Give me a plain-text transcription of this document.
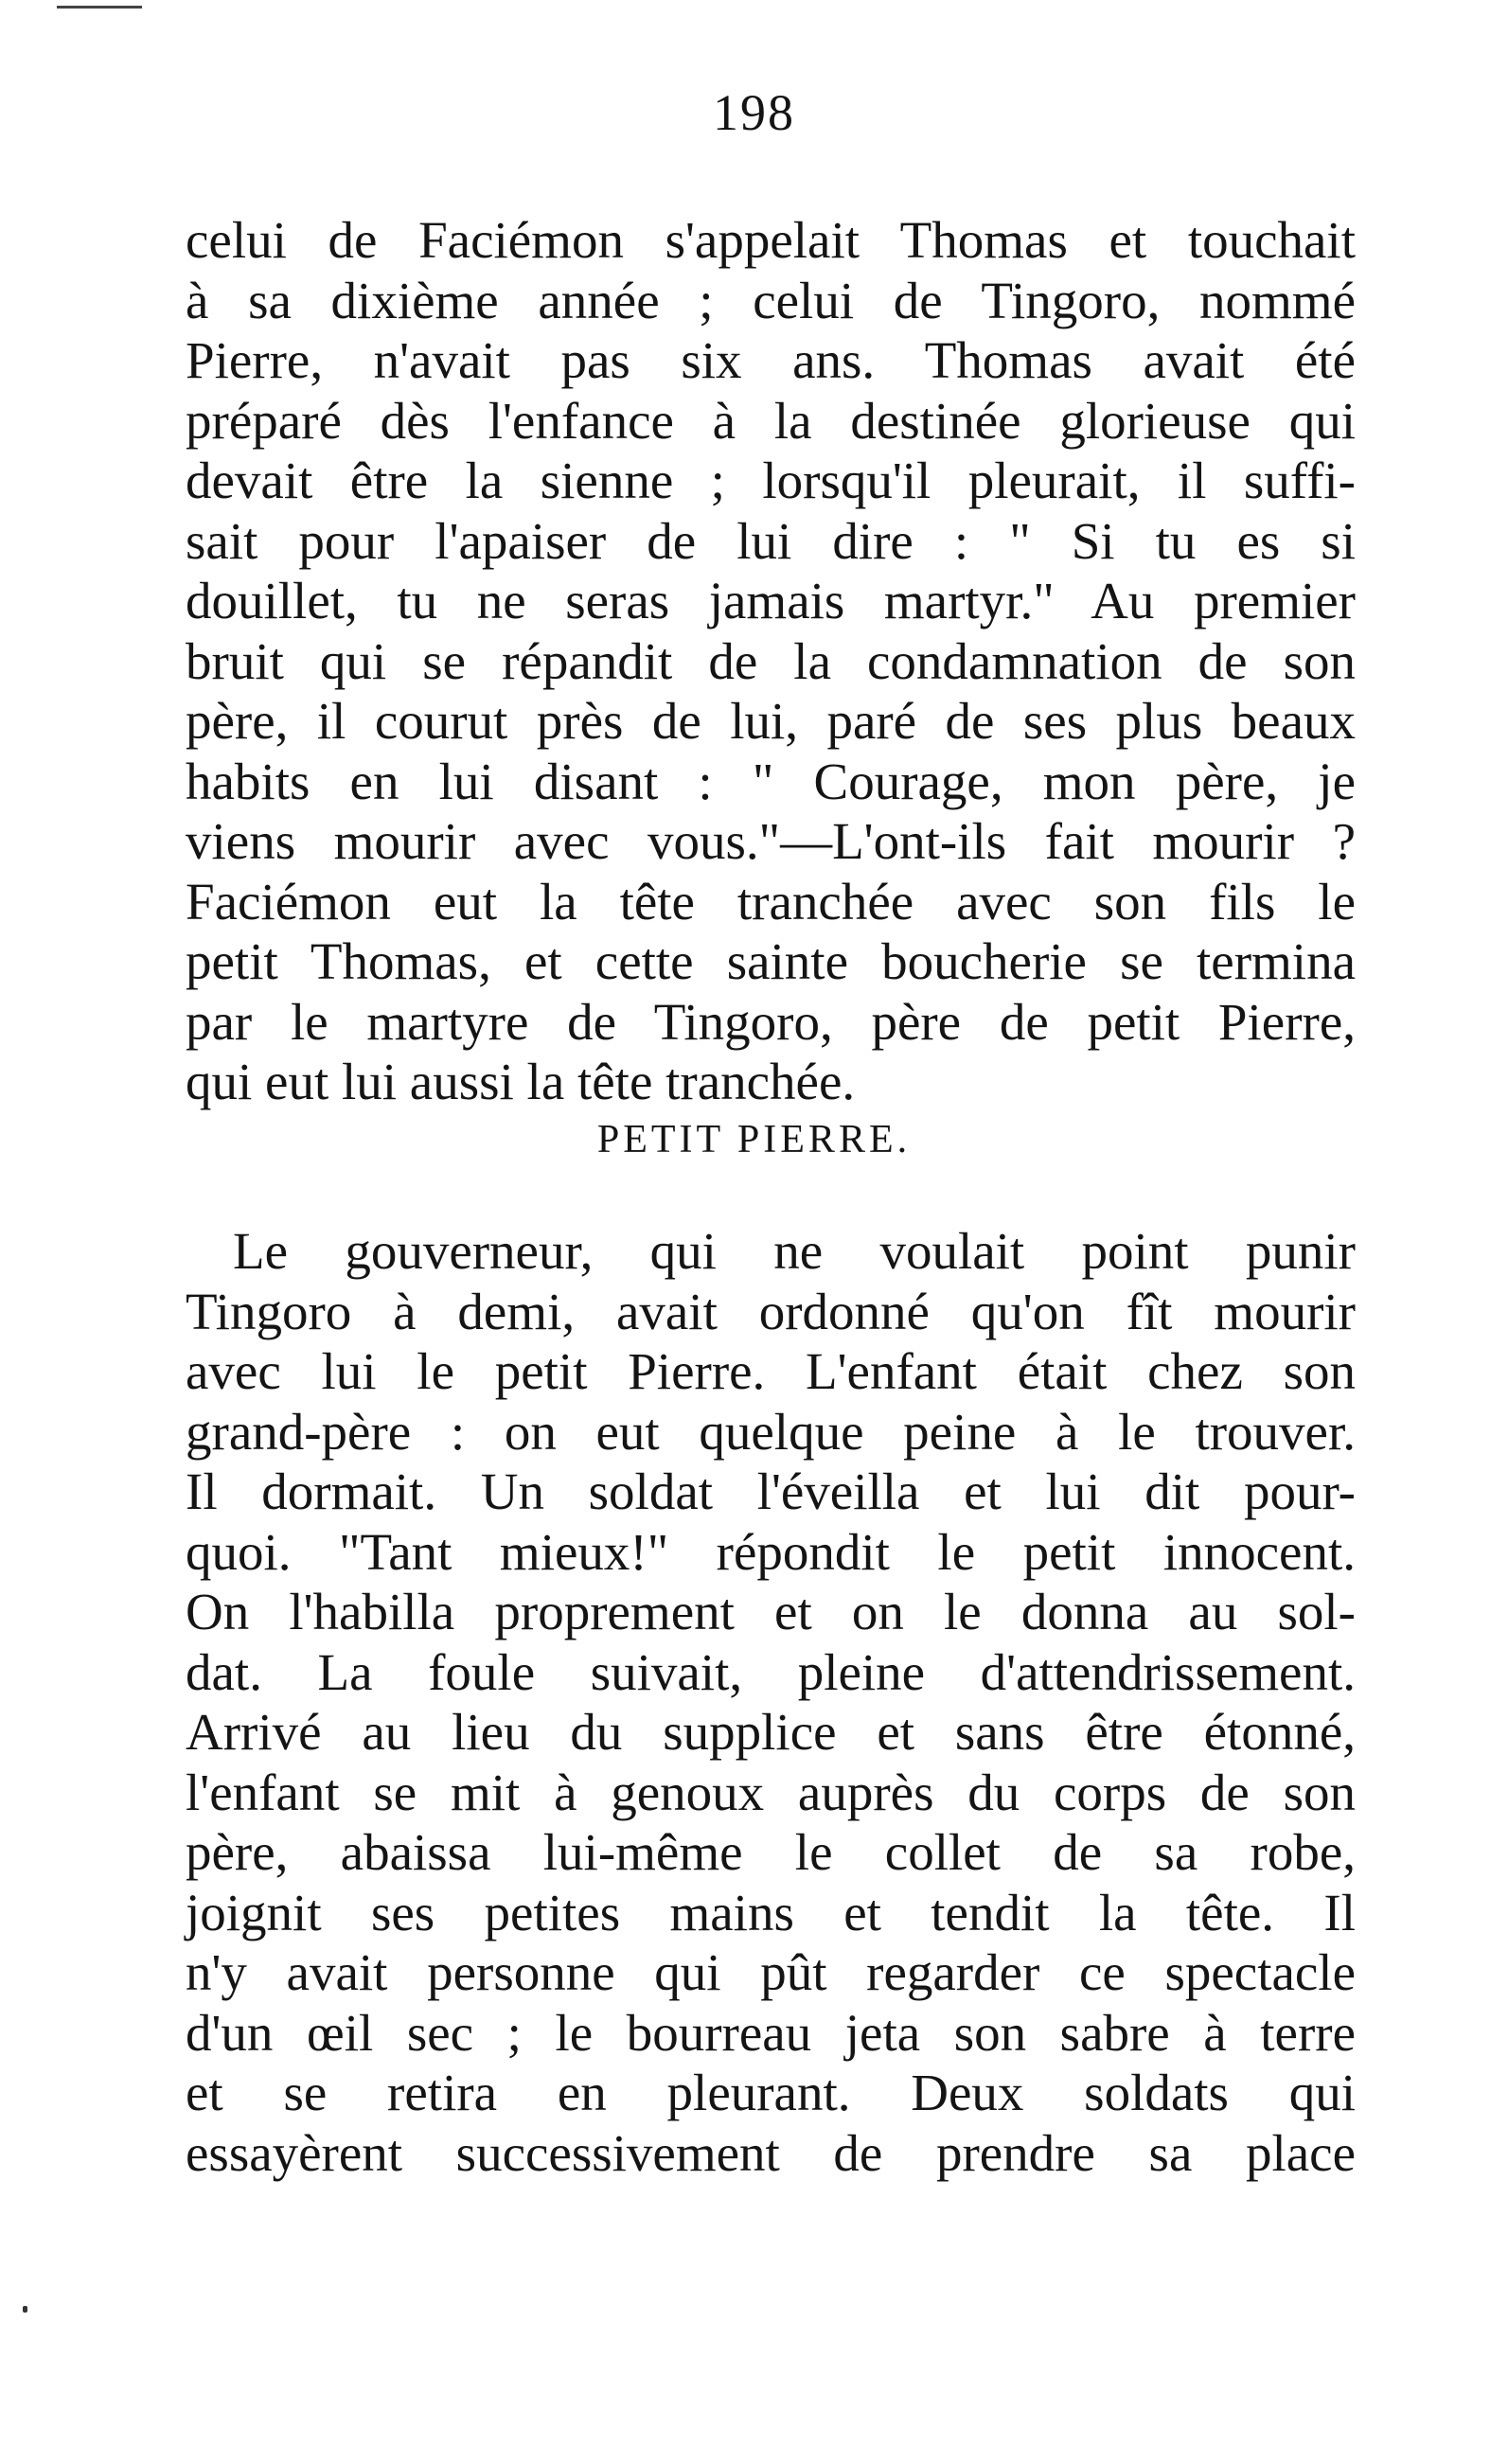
198
celui de Faciémon s'appelait Thomas et touchait
à sa dixième année ; celui de Tingoro, nommé
Pierre, n'avait pas six ans. Thomas avait été
préparé dès l'enfance à la destinée glorieuse qui
devait être la sienne ; lorsqu'il pleurait, il suffi-
sait pour l'apaiser de lui dire : " Si tu es si
douillet, tu ne seras jamais martyr." Au premier
bruit qui se répandit de la condamnation de son
père, il courut près de lui, paré de ses plus beaux
habits en lui disant : " Courage, mon père, je
viens mourir avec vous."—L'ont-ils fait mourir ?
Faciémon eut la tête tranchée avec son fils le
petit Thomas, et cette sainte boucherie se termina
par le martyre de Tingoro, père de petit Pierre,
qui eut lui aussi la tête tranchée.
PETIT PIERRE.
Le gouverneur, qui ne voulait point punir
Tingoro à demi, avait ordonné qu'on fît mourir
avec lui le petit Pierre. L'enfant était chez son
grand-père : on eut quelque peine à le trouver.
Il dormait. Un soldat l'éveilla et lui dit pour-
quoi. "Tant mieux!" répondit le petit innocent.
On l'habilla proprement et on le donna au sol-
dat. La foule suivait, pleine d'attendrissement.
Arrivé au lieu du supplice et sans être étonné,
l'enfant se mit à genoux auprès du corps de son
père, abaissa lui-même le collet de sa robe,
joignit ses petites mains et tendit la tête. Il
n'y avait personne qui pût regarder ce spectacle
d'un œil sec ; le bourreau jeta son sabre à terre
et se retira en pleurant. Deux soldats qui
essayèrent successivement de prendre sa place
